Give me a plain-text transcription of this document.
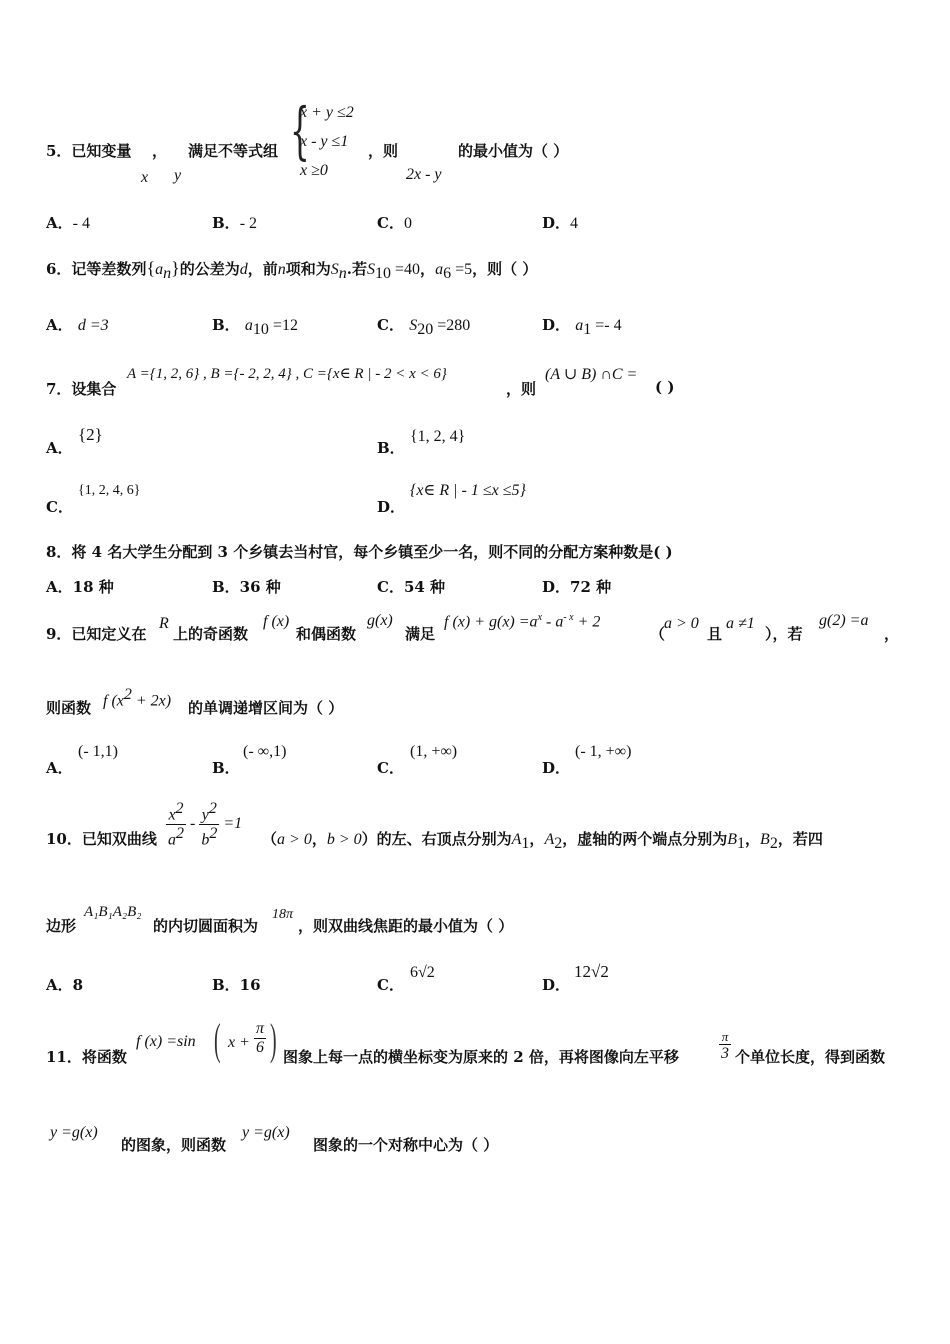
5．已知变量 ， 满足不等式组
x y
{
x + y ≤2
x - y ≤1
x ≥0
，则
2x - y
的最小值为（ ）
A．- 4	B．- 2	C．0	D．4
6．记等差数列$\{a_n\}$的公差为d，前n项和为$S_n$.若$S_{10} =40$，$a_6 =5$，则（ ）
A． d =3	B． $a_{10} =12$	C． $S_{20} =280$	D． $a_1 =- 4$
7．设集合
A ={1, 2, 6} , B ={- 2, 2, 4} , C ={x∈ R | - 2 < x < 6}
，则
(A ∪ B) ∩C =
( )
A．
{2}
B．
{1, 2, 4}
C．
{1, 2, 4, 6}
D．
{x∈ R | - 1 ≤x ≤5}
8．将 4 名大学生分配到 3 个乡镇去当村官，每个乡镇至少一名，则不同的分配方案种数是( )
A．18 种	B．36 种	C．54 种	D．72 种
9．已知定义在
R
上的奇函数
f (x)
和偶函数
g(x)
满足
f $(x) + g(x) =a^x - a^{- x} + 2$
（
a > 0
且
a ≠1
），若
g(2) =a
，
则函数 f $(x^2 + 2x)$ 的单调递增区间为（ ）
A．
(- 1,1)
B．
(- ∞,1)
C．
(1, +∞)
D．
(- 1, +∞)
10．已知双曲线 $\frac{x^2}{a^2} - \frac{y^2}{b^2} =1$
（a > 0，b > 0）的左、右顶点分别为$A_1$，$A_2$，虚轴的两个端点分别为$B_1$，$B_2$，若四
边形
A₁B₁A₂B₂
的内切圆面积为
18π
，则双曲线焦距的最小值为（ ）
A．8	B．16	C．
6√2
D．
12√2
11．将函数
f (x) =sin ( $x + \frac{\pi}{6}$ ) 图象上每一点的横坐标变为原来的 2 倍，再将图像向左平移	$\frac{\pi}{3}$ 个单位长度，得到函数
y =g(x)
的图象，则函数
y =g(x)
图象的一个对称中心为（ ）
